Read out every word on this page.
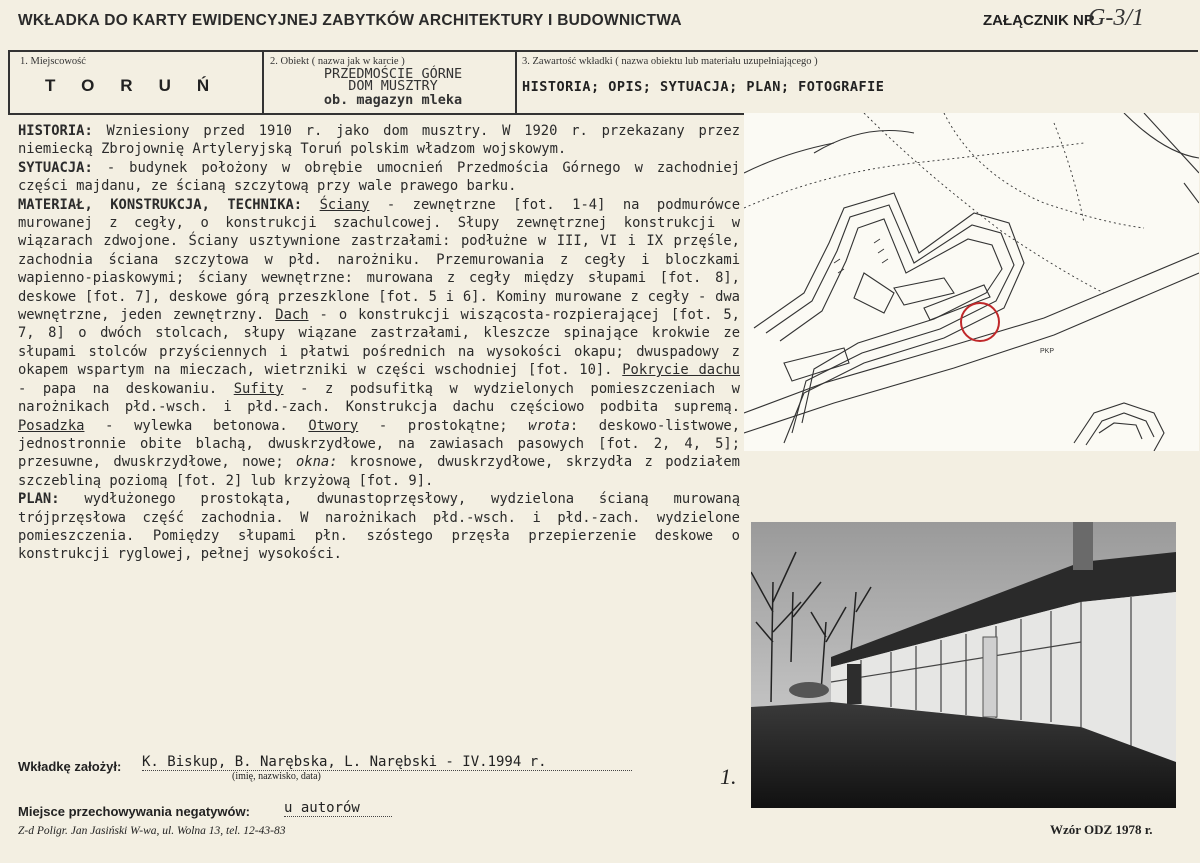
WKŁADKA DO KARTY EWIDENCYJNEJ ZABYTKÓW ARCHITEKTURY I BUDOWNICTWA	ZAŁĄCZNIK NR
G-3/1
1. Miejscowość
TORUŃ
2. Obiekt ( nazwa jak w karcie )
PRZEDMOŚCIE GÓRNE
DOM MUSZTRY
ob. magazyn mleka
3. Zawartość wkładki ( nazwa obiektu lub materiału uzupełniającego )
HISTORIA; OPIS; SYTUACJA; PLAN; FOTOGRAFIE

HISTORIA: Wzniesiony przed 1910 r. jako dom musztry. W 1920 r. przekazany przez niemiecką Zbrojownię Artyleryjską Toruń polskim władzom wojskowym.

SYTUACJA: - budynek położony w obrębie umocnień Przedmościa Górnego w zachodniej części majdanu, ze ścianą szczytową przy wale prawego barku.

MATERIAŁ, KONSTRUKCJA, TECHNIKA: Ściany - zewnętrzne [fot. 1-4] na podmurówce murowanej z cegły, o konstrukcji szachulcowej. Słupy zewnętrznej konstrukcji w wiązarach zdwojone. Ściany usztywnione zastrzałami: podłużne w III, VI i IX przęśle, zachodnia ściana szczytowa w płd. narożniku. Przemurowania z cegły i bloczkami wapienno-piaskowymi; ściany wewnętrzne: murowana z cegły między słupami [fot. 8], deskowe [fot. 7], deskowe górą przeszklone [fot. 5 i 6]. Kominy murowane z cegły - dwa wewnętrzne, jeden zewnętrzny. Dach - o konstrukcji wiszącosta-rozpierającej [fot. 5, 7, 8] o dwóch stolcach, słupy wiązane zastrzałami, kleszcze spinające krokwie ze słupami stolców przyściennych i płatwi pośrednich na wysokości okapu; dwuspadowy z okapem wspartym na mieczach, wietrzniki w części wschodniej [fot. 10]. Pokrycie dachu - papa na deskowaniu. Sufity - z podsufitką w wydzielonych pomieszczeniach w narożnikach płd.-wsch. i płd.-zach. Konstrukcja dachu częściowo podbita supremą. Posadzka - wylewka betonowa. Otwory - prostokątne; wrota: deskowo-listwowe, jednostronnie obite blachą, dwuskrzydłowe, na zawiasach pasowych [fot. 2, 4, 5]; przesuwne, dwuskrzydłowe, nowe; okna: krosnowe, dwuskrzydłowe, skrzydła z podziałem szczebliną poziomą [fot. 2] lub krzyżową [fot. 9].

PLAN: wydłużonego prostokąta, dwunastoprzęsłowy, wydzielona ścianą murowaną trójprzęsłowa część zachodnia. W narożnikach płd.-wsch. i płd.-zach. wydzielone pomieszczenia. Pomiędzy słupami płn. szóstego przęsła przepierzenie deskowe o konstrukcji ryglowej, pełnej wysokości.

PKP
Wkładkę założył: K. Biskup, B. Narębska, L. Narębski - IV.1994 r.
(imię, nazwisko, data)	1.
Miejsce przechowywania negatywów: u autorów
Z-d Poligr. Jan Jasiński W-wa, ul. Wolna 13, tel. 12-43-83	Wzór ODZ 1978 r.
